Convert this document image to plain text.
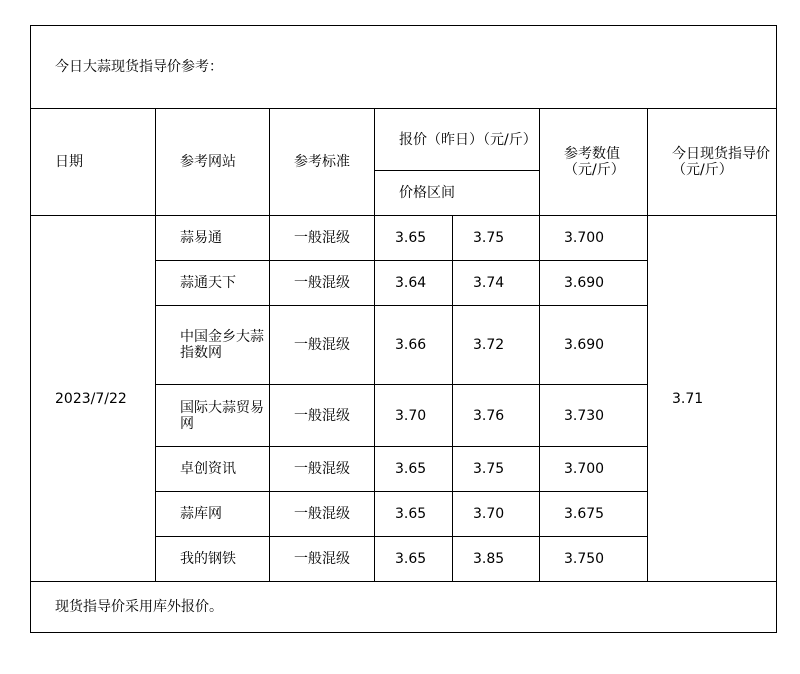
今日大蒜现货指导价参考：						
日期	参考网站	参考标准	报价（昨日）（元/斤）		参考数值（元/斤）	今日现货指导价（元/斤）
			价格区间			
2023/7/22	蒜易通	一般混级	3.65	3.75	3.700	3.71
	蒜通天下	一般混级	3.64	3.74	3.690	
	中国金乡大蒜指数网	一般混级	3.66	3.72	3.690	
	国际大蒜贸易网	一般混级	3.70	3.76	3.730	
	卓创资讯	一般混级	3.65	3.75	3.700	
	蒜库网	一般混级	3.65	3.70	3.675	
	我的钢铁	一般混级	3.65	3.85	3.750	
现货指导价采用库外报价。						
